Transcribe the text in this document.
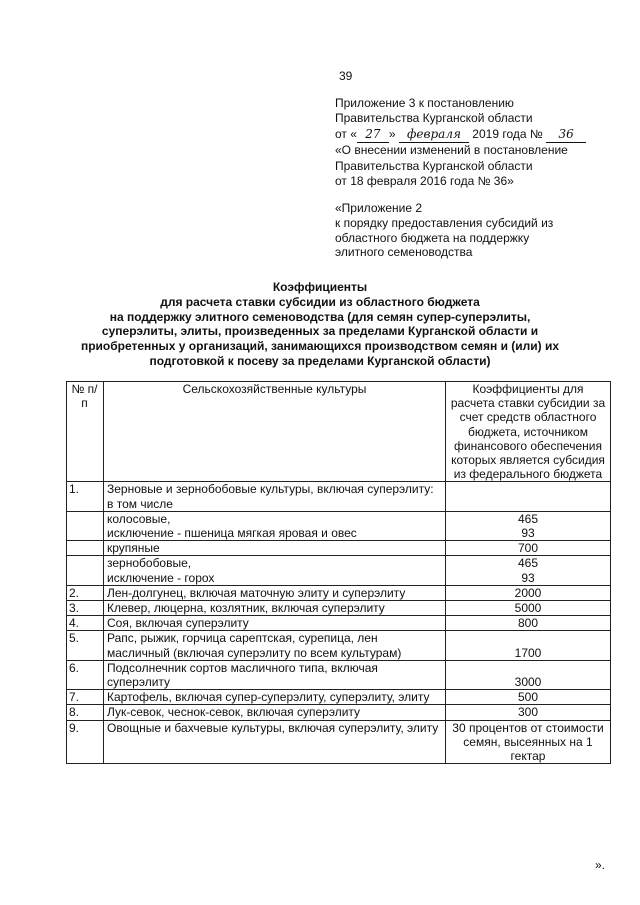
39
Приложение 3 к постановлению
Правительства Курганской области
от « 27 » февраля 2019 года № 36
«О внесении изменений в постановление
Правительства Курганской области
от 18 февраля 2016 года № 36»
«Приложение 2
к порядку предоставления субсидий из
областного бюджета на поддержку
элитного семеноводства
Коэффициенты
для расчета ставки субсидии из областного бюджета
на поддержку элитного семеноводства (для семян супер-суперэлиты,
суперэлиты, элиты, произведенных за пределами Курганской области и
приобретенных у организаций, занимающихся производством семян и (или) их
подготовкой к посеву за пределами Курганской области)
№ п/п	Сельскохозяйственные культуры	Коэффициенты для расчета ставки субсидии за счет средств областного бюджета, источником финансового обеспечения которых является субсидия из федерального бюджета
1.	Зерновые и зернобобовые культуры, включая суперэлиту:	
	в том числе	
	колосовые,	465
	исключение - пшеница мягкая яровая и овес	93
	крупяные	700
	зернобобовые,	465
	исключение - горох	93
2.	Лен-долгунец, включая маточную элиту и суперэлиту	2000
3.	Клевер, люцерна, козлятник, включая суперэлиту	5000
4.	Соя, включая суперэлиту	800
5.	Рапс, рыжик, горчица сарептская, сурепица, лен масличный (включая суперэлиту по всем культурам)	1700
6.	Подсолнечник сортов масличного типа, включая суперэлиту	3000
7.	Картофель, включая супер-суперэлиту, суперэлиту, элиту	500
8.	Лук-севок, чеснок-севок, включая суперэлиту	300
9.	Овощные и бахчевые культуры, включая суперэлиту, элиту	30 процентов от стоимости семян, высеянных на 1 гектар
».
